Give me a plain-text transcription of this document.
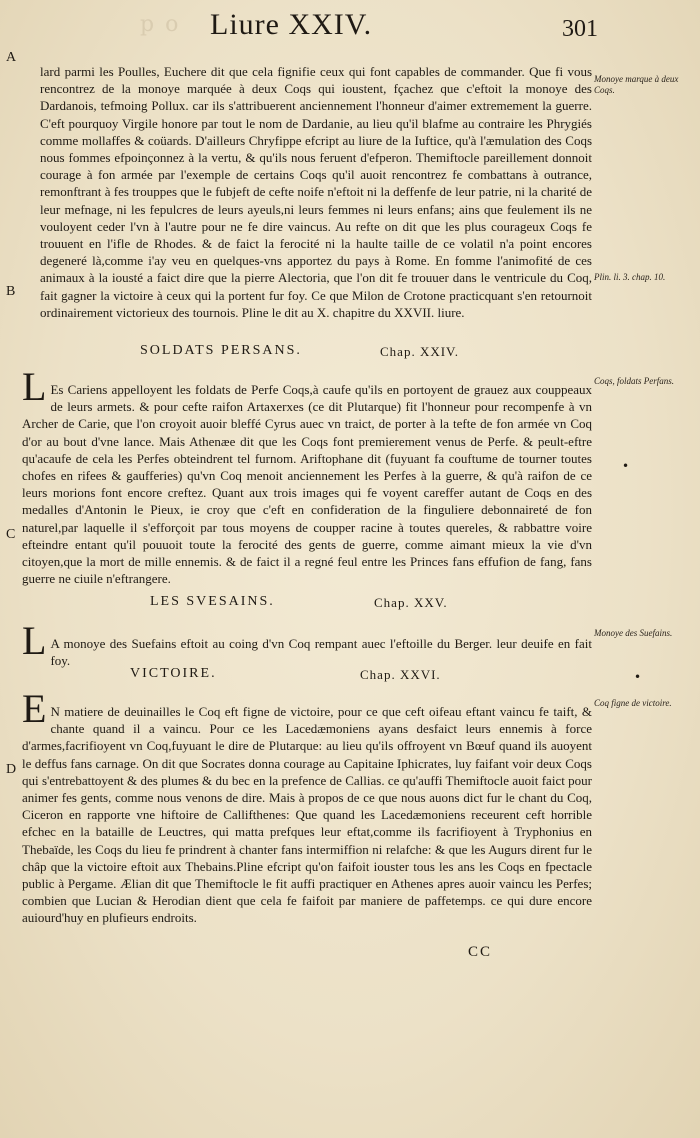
p o Liure XXIV.	301
A
B
C
D

lard parmi les Poulles, Euchere dit que cela fignifie ceux qui font capables de commander. Que fi vous rencontrez de la monoye marquée à deux Coqs qui ioustent, fçachez que c'eftoit la monoye des Dardanois, tefmoing Pollux. car ils s'attribuerent anciennement l'honneur d'aimer extremement la guerre. C'eft pourquoy Virgile honore par tout le nom de Dardanie, au lieu qu'il blafme au contraire les Phrygiés comme mollaffes & coüards. D'ailleurs Chryfippe efcript au liure de la Iuftice, qu'à l'æmulation des Coqs nous fommes efpoinçonnez à la vertu, & qu'ils nous feruent d'efperon. Themiftocle pareillement donnoit courage à fon armée par l'exemple de certains Coqs qu'il auoit rencontrez fe combattans à outrance, remonftrant à fes trouppes que le fubjeft de cefte noife n'eftoit ni la deffenfe de leur patrie, ni la charité de leur mefnage, ni les fepulcres de leurs ayeuls,ni leurs femmes ni leurs enfans; ains que feulement ils ne vouloyent ceder l'vn à l'autre pour ne fe dire vaincus. Au refte on dit que les plus courageux Coqs fe trouuent en l'ifle de Rhodes. & de faict la ferocité ni la haulte taille de ce volatil n'a point encores degeneré là,comme i'ay veu en quelques-vns apportez du pays à Rome. En fomme l'animofité de ces animaux à la iousté a faict dire que la pierre Alectoria, que l'on dit fe trouuer dans le ventricule du Coq, fait gagner la victoire à ceux qui la portent fur foy. Ce que Milon de Crotone practicquant s'en retournoit ordinairement victorieux des tournois. Pline le dit au X. chapitre du XXVII. liure.

SOLDATS PERSANS.	Chap. XXIV.
L Es Cariens appelloyent les foldats de Perfe Coqs,à caufe qu'ils en portoyent de grauez aux couppeaux de leurs armets. & pour cefte raifon Artaxerxes (ce dit Plutarque) fit l'honneur pour recompenfe à vn Archer de Carie, que l'on croyoit auoir bleffé Cyrus auec vn traict, de porter à la tefte de fon armée vn Coq d'or au bout d'vne lance. Mais Athenæe dit que les Coqs font premierement venus de Perfe. & peult-eftre qu'acaufe de cela les Perfes obteindrent tel furnom. Ariftophane dit (fuyuant fa couftume de tourner toutes chofes en rifees & gaufferies) qu'vn Coq menoit anciennement les Perfes à la guerre, & qu'à raifon de ce leurs morions font encore creftez. Quant aux trois images qui fe voyent careffer autant de Coqs en des medalles d'Antonin le Pieux, ie croy que c'eft en confideration de la finguliere debonnaireté de fon naturel,par laquelle il s'efforçoit par tous moyens de coupper racine à toutes quereles, & rabbattre voire efteindre entant qu'il pouuoit toute la ferocité des gents de guerre, comme aimant mieux la vie d'vn citoyen,que la mort de mille ennemis. & de faict il a regné feul entre les Princes fans effufion de fang, fans guerre ne ciuile n'eftrangere.

LES SVESAINS.	Chap. XXV.
L A monoye des Suefains eftoit au coing d'vn Coq rempant auec l'eftoille du Berger. leur deuife en fait foy.

VICTOIRE.	Chap. XXVI.
E N matiere de deuinailles le Coq eft figne de victoire, pour ce que ceft oifeau eftant vaincu fe taift, & chante quand il a vaincu. Pour ce les Lacedæmoniens ayans desfaict leurs ennemis à force d'armes,facrifioyent vn Coq,fuyuant le dire de Plutarque: au lieu qu'ils offroyent vn Bœuf quand ils auoyent le deffus fans carnage. On dit que Socrates donna courage au Capitaine Iphicrates, luy faifant voir deux Coqs qui s'entrebattoyent & des plumes & du bec en la prefence de Callias. ce qu'auffi Themiftocle auoit faict pour animer fes gents, comme nous venons de dire. Mais à propos de ce que nous auons dict fur le chant du Coq, Ciceron en rapporte vne hiftoire de Callifthenes: Que quand les Lacedæmoniens receurent ceft horrible efchec en la bataille de Leuctres, qui matta prefques leur eftat,comme ils facrifioyent à Tryphonius en Thebaïde, les Coqs du lieu fe prindrent à chanter fans intermiffion ni relafche: & que les Augurs dirent fur le châp que la victoire eftoit aux Thebains.Pline efcript qu'on faifoit iouster tous les ans les Coqs en fpectacle public à Pergame. Ælian dit que Themiftocle le fit auffi practiquer en Athenes apres auoir vaincu les Perfes; combien que Lucian & Herodian dient que cela fe faifoit par maniere de paffetemps. ce qui dure encore auiourd'huy en plufieurs endroits.

Monoye marque à deux Coqs.
Plin. li. 3. chap. 10.
Coqs, foldats Perfans.
Monoye des Suefains.
Coq figne de victoire.
•
•
CC
